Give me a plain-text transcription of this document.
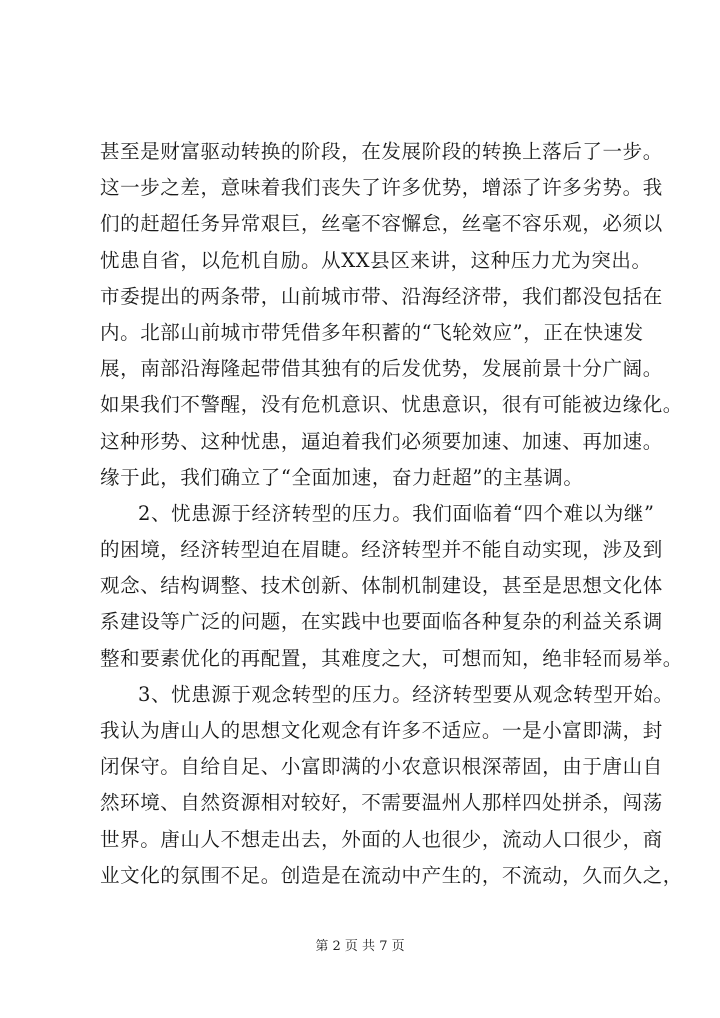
甚至是财富驱动转换的阶段，在发展阶段的转换上落后了一步。
这一步之差，意味着我们丧失了许多优势，增添了许多劣势。我
们的赶超任务异常艰巨，丝毫不容懈怠，丝毫不容乐观，必须以
忧患自省，以危机自励。从XX县区来讲，这种压力尤为突出。
市委提出的两条带，山前城市带、沿海经济带，我们都没包括在
内。北部山前城市带凭借多年积蓄的“飞轮效应”，正在快速发
展，南部沿海隆起带借其独有的后发优势，发展前景十分广阔。
如果我们不警醒，没有危机意识、忧患意识，很有可能被边缘化。
这种形势、这种忧患，逼迫着我们必须要加速、加速、再加速。
缘于此，我们确立了“全面加速，奋力赶超”的主基调。
2、忧患源于经济转型的压力。我们面临着“四个难以为继”
的困境，经济转型迫在眉睫。经济转型并不能自动实现，涉及到
观念、结构调整、技术创新、体制机制建设，甚至是思想文化体
系建设等广泛的问题，在实践中也要面临各种复杂的利益关系调
整和要素优化的再配置，其难度之大，可想而知，绝非轻而易举。
3、忧患源于观念转型的压力。经济转型要从观念转型开始。
我认为唐山人的思想文化观念有许多不适应。一是小富即满，封
闭保守。自给自足、小富即满的小农意识根深蒂固，由于唐山自
然环境、自然资源相对较好，不需要温州人那样四处拼杀，闯荡
世界。唐山人不想走出去，外面的人也很少，流动人口很少，商
业文化的氛围不足。创造是在流动中产生的，不流动，久而久之，
第 2 页 共 7 页
